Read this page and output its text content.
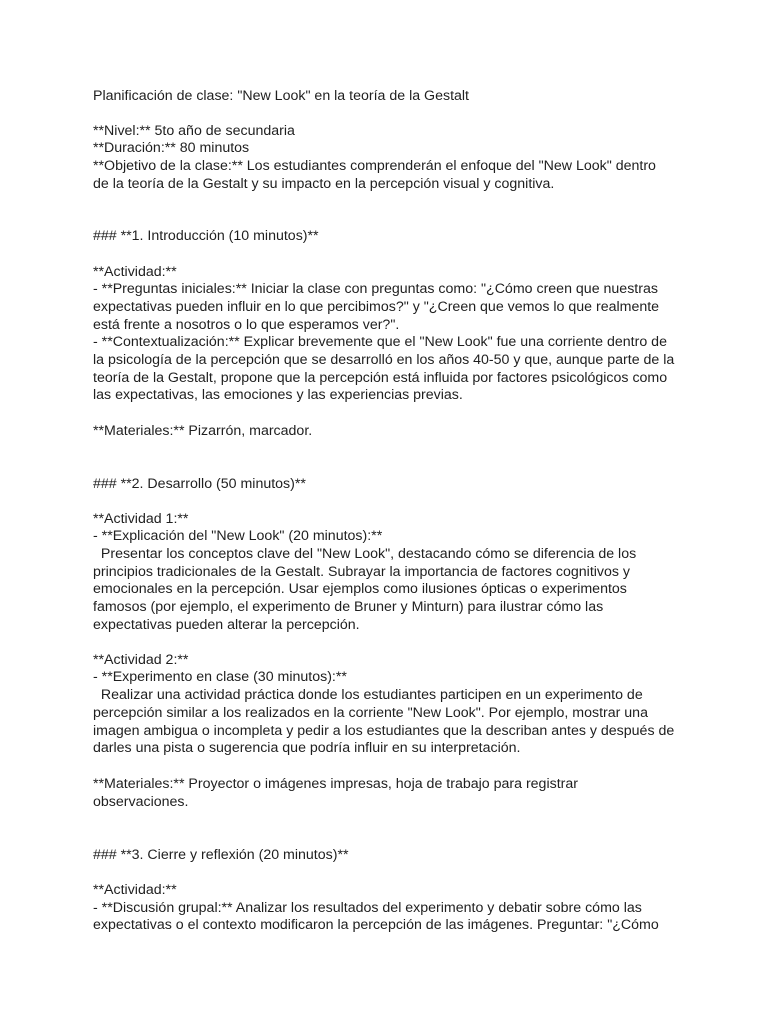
Planificación de clase: "New Look" en la teoría de la Gestalt

**Nivel:** 5to año de secundaria

**Duración:** 80 minutos

**Objetivo de la clase:** Los estudiantes comprenderán el enfoque del "New Look" dentro

de la teoría de la Gestalt y su impacto en la percepción visual y cognitiva.

### **1. Introducción (10 minutos)**

**Actividad:**

- **Preguntas iniciales:** Iniciar la clase con preguntas como: "¿Cómo creen que nuestras

expectativas pueden influir en lo que percibimos?" y "¿Creen que vemos lo que realmente

está frente a nosotros o lo que esperamos ver?".

- **Contextualización:** Explicar brevemente que el "New Look" fue una corriente dentro de

la psicología de la percepción que se desarrolló en los años 40-50 y que, aunque parte de la

teoría de la Gestalt, propone que la percepción está influida por factores psicológicos como

las expectativas, las emociones y las experiencias previas.

**Materiales:** Pizarrón, marcador.

### **2. Desarrollo (50 minutos)**

**Actividad 1:**

- **Explicación del "New Look" (20 minutos):**

Presentar los conceptos clave del "New Look", destacando cómo se diferencia de los

principios tradicionales de la Gestalt. Subrayar la importancia de factores cognitivos y

emocionales en la percepción. Usar ejemplos como ilusiones ópticas o experimentos

famosos (por ejemplo, el experimento de Bruner y Minturn) para ilustrar cómo las

expectativas pueden alterar la percepción.

**Actividad 2:**

- **Experimento en clase (30 minutos):**

Realizar una actividad práctica donde los estudiantes participen en un experimento de

percepción similar a los realizados en la corriente "New Look". Por ejemplo, mostrar una

imagen ambigua o incompleta y pedir a los estudiantes que la describan antes y después de

darles una pista o sugerencia que podría influir en su interpretación.

**Materiales:** Proyector o imágenes impresas, hoja de trabajo para registrar

observaciones.

### **3. Cierre y reflexión (20 minutos)**

**Actividad:**

- **Discusión grupal:** Analizar los resultados del experimento y debatir sobre cómo las

expectativas o el contexto modificaron la percepción de las imágenes. Preguntar: "¿Cómo
